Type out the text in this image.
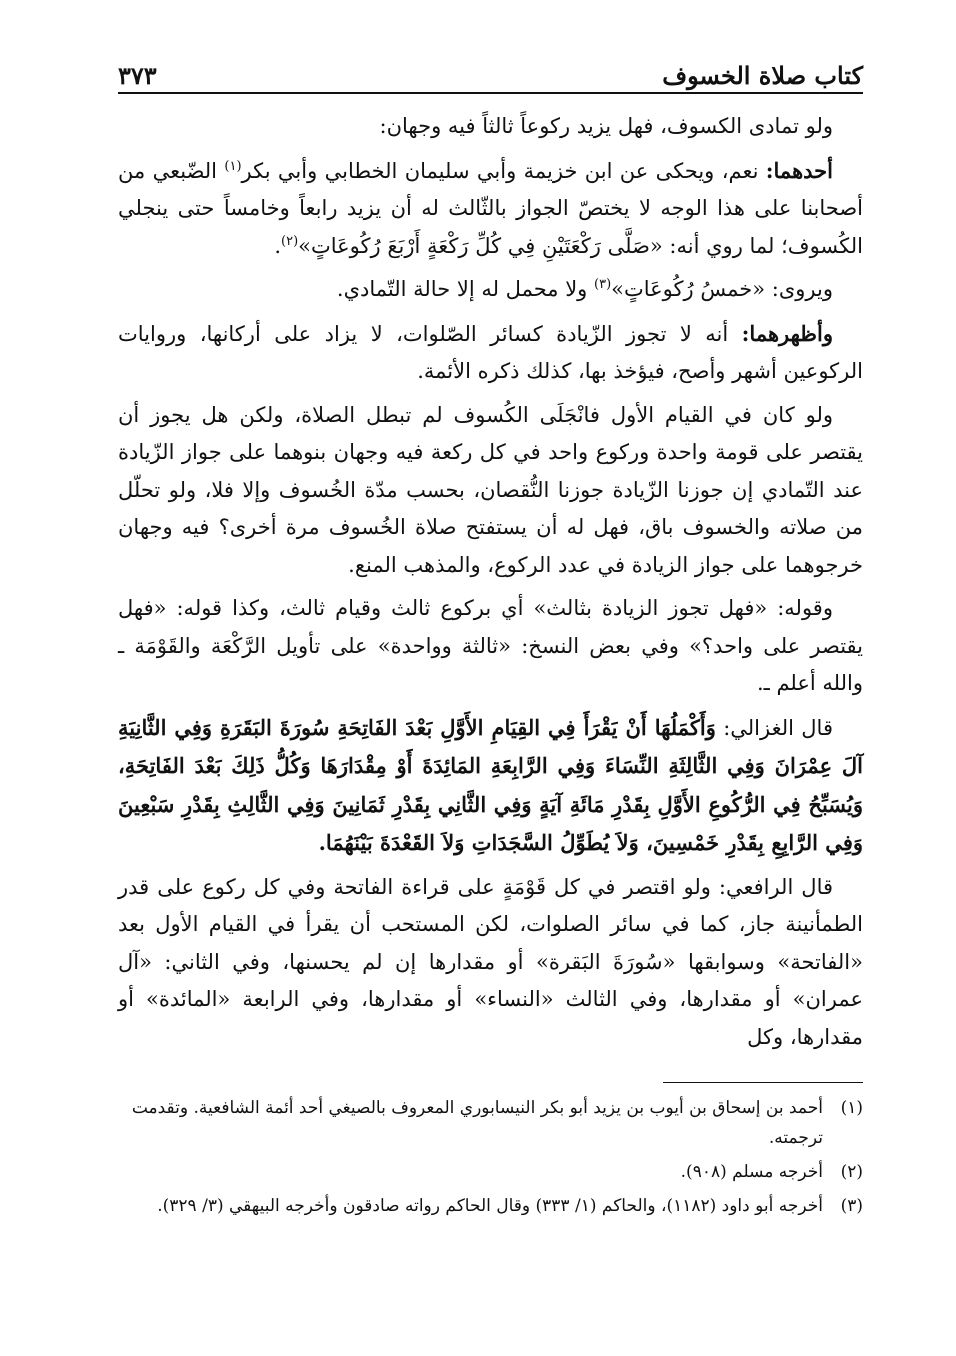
كتاب صلاة الخسوف
٣٧٣

ولو تمادى الكسوف، فهل يزيد ركوعاً ثالثاً فيه وجهان:

أحدهما: نعم، ويحكى عن ابن خزيمة وأبي سليمان الخطابي وأبي بكر$^{(١)}$ الضّبعي من أصحابنا على هذا الوجه لا يختصّ الجواز بالثّالث له أن يزيد رابعاً وخامساً حتى ينجلي الكُسوف؛ لما روي أنه: «صَلَّى رَكْعَتَيْنِ فِي كُلِّ رَكْعَةٍ أَرْبَعَ رُكُوعَاتٍ»$^{(٢)}$.

ويروى: «خمسُ رُكُوعَاتٍ»$^{(٣)}$ ولا محمل له إلا حالة التّمادي.

وأظهرهما: أنه لا تجوز الزّيادة كسائر الصّلوات، لا يزاد على أركانها، وروايات الركوعين أشهر وأصح، فيؤخذ بها، كذلك ذكره الأئمة.

ولو كان في القيام الأول فانْجَلَى الكُسوف لم تبطل الصلاة، ولكن هل يجوز أن يقتصر على قومة واحدة وركوع واحد في كل ركعة فيه وجهان بنوهما على جواز الزّيادة عند التّمادي إن جوزنا الزّيادة جوزنا النُّقصان، بحسب مدّة الخُسوف وإلا فلا، ولو تحلّل من صلاته والخسوف باق، فهل له أن يستفتح صلاة الخُسوف مرة أخرى؟ فيه وجهان خرجوهما على جواز الزيادة في عدد الركوع، والمذهب المنع.

وقوله: «فهل تجوز الزيادة بثالث» أي بركوع ثالث وقيام ثالث، وكذا قوله: «فهل يقتصر على واحد؟» وفي بعض النسخ: «ثالثة وواحدة» على تأويل الرَّكْعَة والقَوْمَة ـ والله أعلم ـ.

قال الغزالي: وَأَكْمَلُهَا أَنْ يَقْرَأَ فِي القِيَامِ الأَوَّلِ بَعْدَ الفَاتِحَةِ سُورَةَ البَقَرَةِ وَفِي الثَّانِيَةِ آلَ عِمْرَانَ وَفِي الثَّالِثَةِ النِّسَاءَ وَفِي الرَّابِعَةِ المَائِدَةَ أَوْ مِقْدَارَهَا وَكُلُّ ذَلِكَ بَعْدَ الفَاتِحَةِ، وَيُسَبِّحُ فِي الرُّكُوعِ الأَوَّلِ بِقَدْرِ مَائَةِ آيَةٍ وَفِي الثَّانِي بِقَدْرِ ثَمَانِينَ وَفِي الثَّالِثِ بِقَدْرِ سَبْعِينَ وَفِي الرَّابِعِ بِقَدْرِ خَمْسِينَ، وَلاَ يُطَوِّلُ السَّجَدَاتِ وَلاَ القَعْدَةَ بَيْنَهُمَا.

قال الرافعي: ولو اقتصر في كل قَوْمَةٍ على قراءة الفاتحة وفي كل ركوع على قدر الطمأنينة جاز، كما في سائر الصلوات، لكن المستحب أن يقرأ في القيام الأول بعد «الفاتحة» وسوابقها «سُورَةَ البَقرة» أو مقدارها إن لم يحسنها، وفي الثاني: «آل عمران» أو مقدارها، وفي الثالث «النساء» أو مقدارها، وفي الرابعة «المائدة» أو مقدارها، وكل

(١)
أحمد بن إسحاق بن أيوب بن يزيد أبو بكر النيسابوري المعروف بالصيغي أحد أئمة الشافعية. وتقدمت ترجمته.
(٢)
أخرجه مسلم (٩٠٨).
(٣)
أخرجه أبو داود (١١٨٢)، والحاكم (١/ ٣٣٣) وقال الحاكم رواته صادقون وأخرجه البيهقي (٣/ ٣٢٩).
